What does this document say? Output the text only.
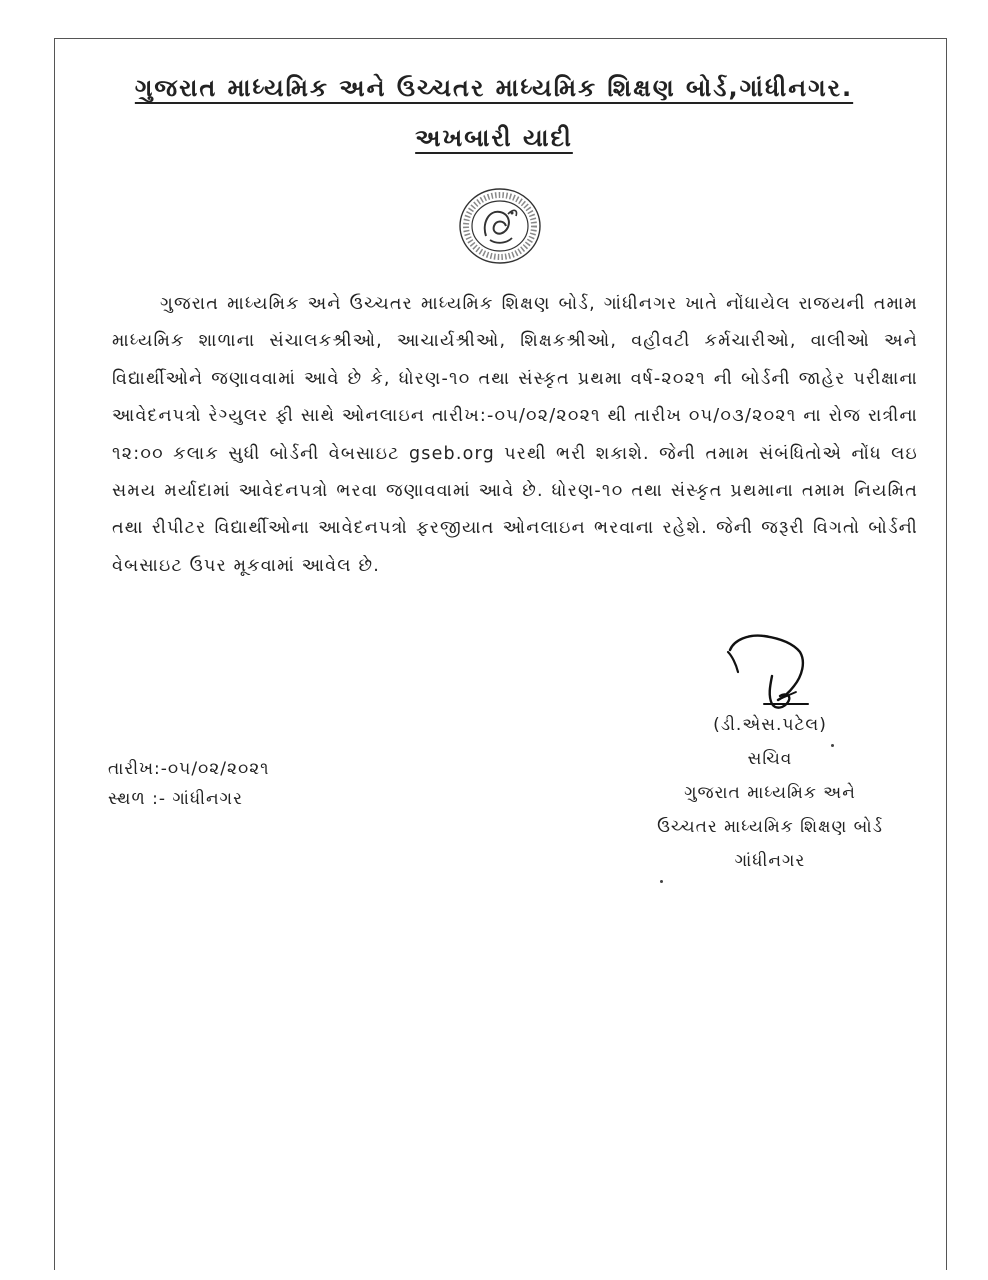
ગુજરાત માધ્યમિક અને ઉચ્ચતર માધ્યમિક શિક્ષણ બોર્ડ,ગાંધીનગર.
અખબારી યાદી

ગુજરાત માધ્યમિક અને ઉચ્ચતર માધ્યમિક શિક્ષણ બોર્ડ, ગાંધીનગર ખાતે નોંધાયેલ રાજયની તમામ માધ્યમિક શાળાના સંચાલકશ્રીઓ, આચાર્યશ્રીઓ, શિક્ષકશ્રીઓ, વહીવટી કર્મચારીઓ, વાલીઓ અને વિદ્યાર્થીઓને જણાવવામાં આવે છે કે, ધોરણ-૧૦ તથા સંસ્કૃત પ્રથમા વર્ષ-૨૦૨૧ ની બોર્ડની જાહેર પરીક્ષાના આવેદનપત્રો રેગ્યુલર ફી સાથે ઓનલાઇન તારીખ:-૦૫/૦૨/૨૦૨૧ થી તારીખ ૦૫/૦૩/૨૦૨૧ ના રોજ રાત્રીના ૧૨:૦૦ કલાક સુધી બોર્ડની વેબસાઇટ gseb.org પરથી ભરી શકાશે. જેની તમામ સંબંધિતોએ નોંધ લઇ સમય મર્યાદામાં આવેદનપત્રો ભરવા જણાવવામાં આવે છે. ધોરણ-૧૦ તથા સંસ્કૃત પ્રથમાના તમામ નિયમિત તથા રીપીટર વિદ્યાર્થીઓના આવેદનપત્રો ફરજીયાત ઓનલાઇન ભરવાના રહેશે. જેની જરૂરી વિગતો બોર્ડની વેબસાઇટ ઉપર મૂકવામાં આવેલ છે.

(ડી.એસ.પટેલ)
સચિવ
ગુજરાત માધ્યમિક અને
ઉચ્ચતર માધ્યમિક શિક્ષણ બોર્ડ
ગાંધીનગર
તારીખ:-૦૫/૦૨/૨૦૨૧
સ્થળ :- ગાંધીનગર
